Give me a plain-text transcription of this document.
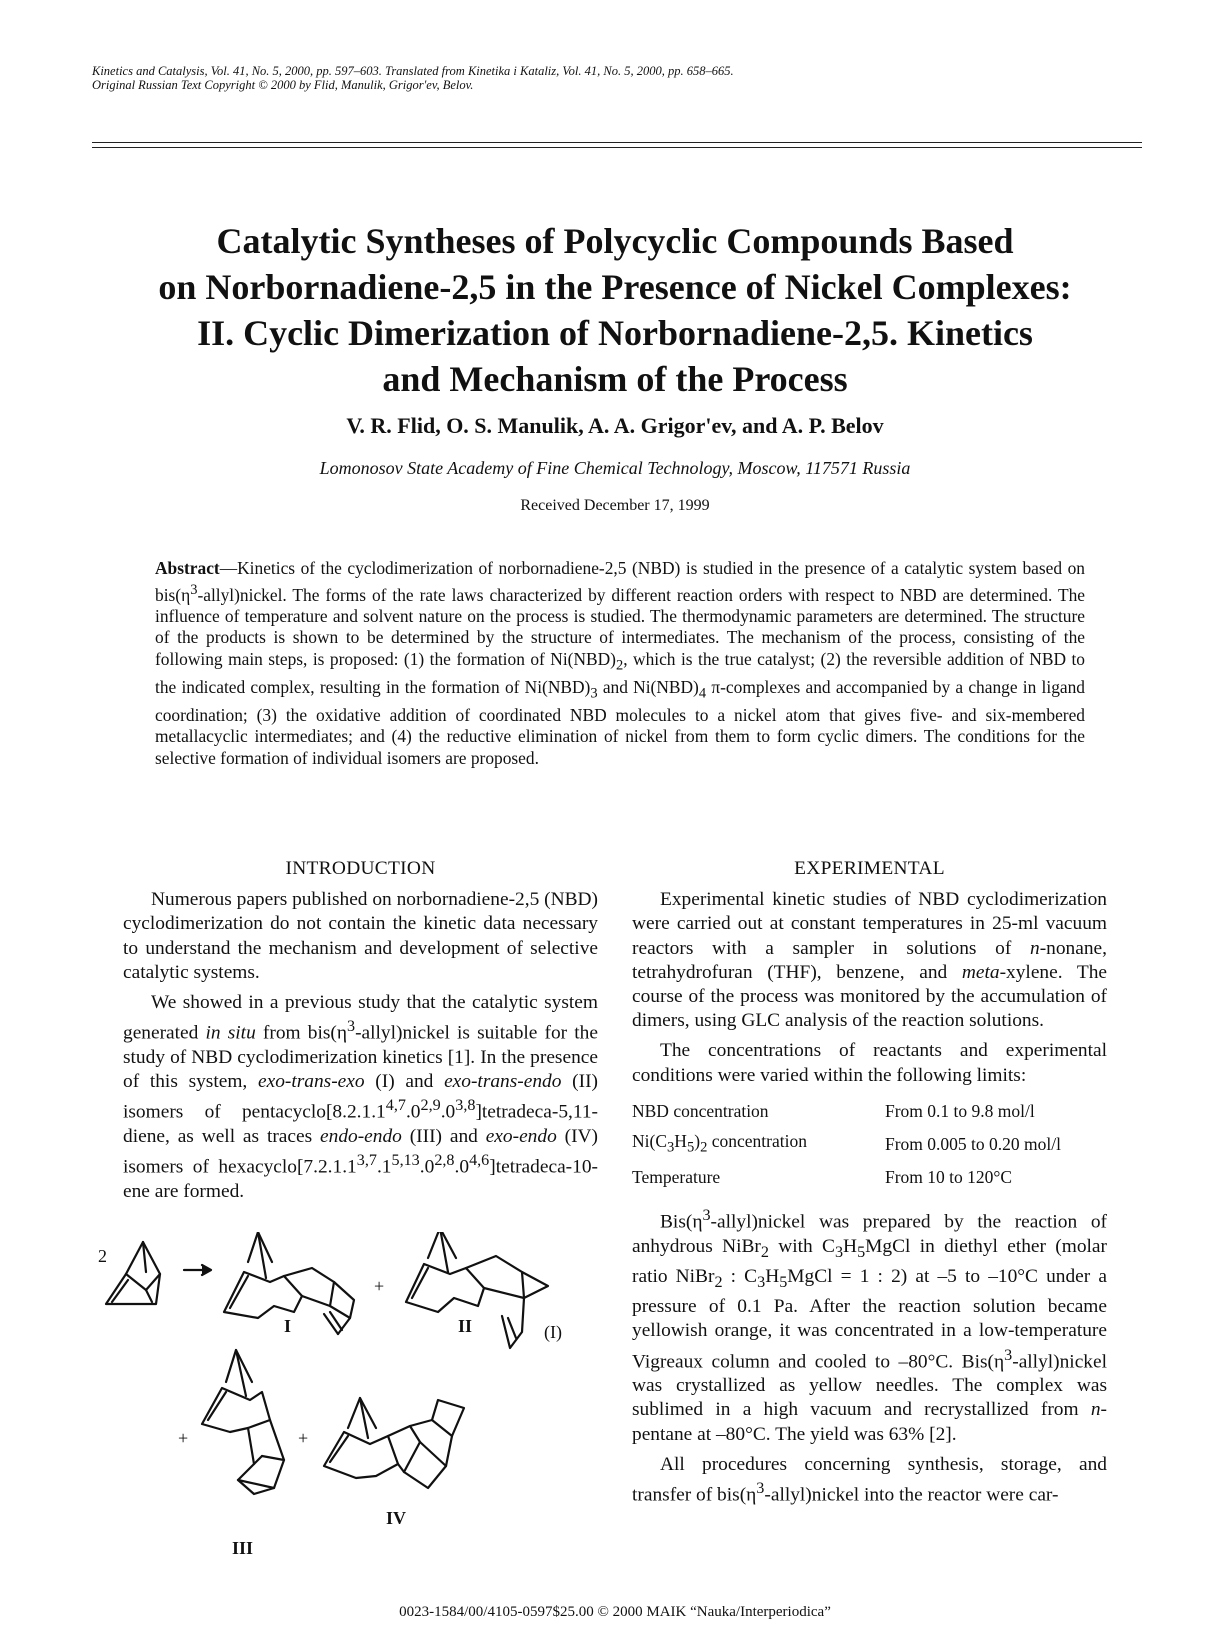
Kinetics and Catalysis, Vol. 41, No. 5, 2000, pp. 597–603. Translated from Kinetika i Kataliz, Vol. 41, No. 5, 2000, pp. 658–665.
Original Russian Text Copyright © 2000 by Flid, Manulik, Grigor'ev, Belov.
Catalytic Syntheses of Polycyclic Compounds Based
on Norbornadiene-2,5 in the Presence of Nickel Complexes:
II. Cyclic Dimerization of Norbornadiene-2,5. Kinetics
and Mechanism of the Process
V. R. Flid, O. S. Manulik, A. A. Grigor'ev, and A. P. Belov
Lomonosov State Academy of Fine Chemical Technology, Moscow, 117571 Russia
Received December 17, 1999
Abstract—Kinetics of the cyclodimerization of norbornadiene-2,5 (NBD) is studied in the presence of a catalytic system based on $bis(\eta^3-allyl)nickel$. The forms of the rate laws characterized by different reaction orders with respect to NBD are determined. The influence of temperature and solvent nature on the process is studied. The thermodynamic parameters are determined. The structure of the products is shown to be determined by the structure of intermediates. The mechanism of the process, consisting of the following main steps, is proposed: (1) the formation of $Ni(NBD)_2$, which is the true catalyst; (2) the reversible addition of NBD to the indicated complex, resulting in the formation of $Ni(NBD)_3$ and $Ni(NBD)_4$ π-complexes and accompanied by a change in ligand coordination; (3) the oxidative addition of coordinated NBD molecules to a nickel atom that gives five- and six-membered metallacyclic intermediates; and (4) the reductive elimination of nickel from them to form cyclic dimers. The conditions for the selective formation of individual isomers are proposed.
INTRODUCTION

Numerous papers published on norbornadiene-2,5 (NBD) cyclodimerization do not contain the kinetic data necessary to understand the mechanism and development of selective catalytic systems.

We showed in a previous study that the catalytic system generated in situ from $bis(\eta^3-allyl)nickel$ is suitable for the study of NBD cyclodimerization kinetics [1]. In the presence of this system, exo-trans-exo (I) and exo-trans-endo (II) isomers of pentacyclo[8.2.1.1$^{4,7}$.0$^{2,9}$.0$^{3,8}$]tetradeca-5,11-diene, as well as traces endo-endo (III) and exo-endo (IV) isomers of hexacyclo[7.2.1.1$^{3,7}$.1$^{5,13}$.0$^{2,8}$.0$^{4,6}$]tetradeca-10-ene are formed.

2
+
I	II	(I)
+	+
IV
III
EXPERIMENTAL

Experimental kinetic studies of NBD cyclodimerization were carried out at constant temperatures in 25-ml vacuum reactors with a sampler in solutions of n-nonane, tetrahydrofuran (THF), benzene, and meta-xylene. The course of the process was monitored by the accumulation of dimers, using GLC analysis of the reaction solutions.

The concentrations of reactants and experimental conditions were varied within the following limits:

NBD concentration	From 0.1 to 9.8 mol/l
$Ni(C_3H_5)_2$ concentration	From 0.005 to 0.20 mol/l
Temperature	From 10 to 120°C

$Bis(\eta^3-allyl)nickel$ was prepared by the reaction of anhydrous NiBr$_2$ with $C_3H_5MgCl$ in diethyl ether (molar ratio NiBr$_2$ : $C_3H_5MgCl = 1$ : 2) at –5 to –10°C under a pressure of 0.1 Pa. After the reaction solution became yellowish orange, it was concentrated in a low-temperature Vigreaux column and cooled to –80°C. $Bis(\eta^3-allyl)nickel$ was crystallized as yellow needles. The complex was sublimed in a high vacuum and recrystallized from n-pentane at –80°C. The yield was 63% [2].

All procedures concerning synthesis, storage, and transfer of $bis(\eta^3-allyl)nickel$ into the reactor were car-

0023-1584/00/4105-0597$25.00 © 2000 MAIK “Nauka/Interperiodica”
